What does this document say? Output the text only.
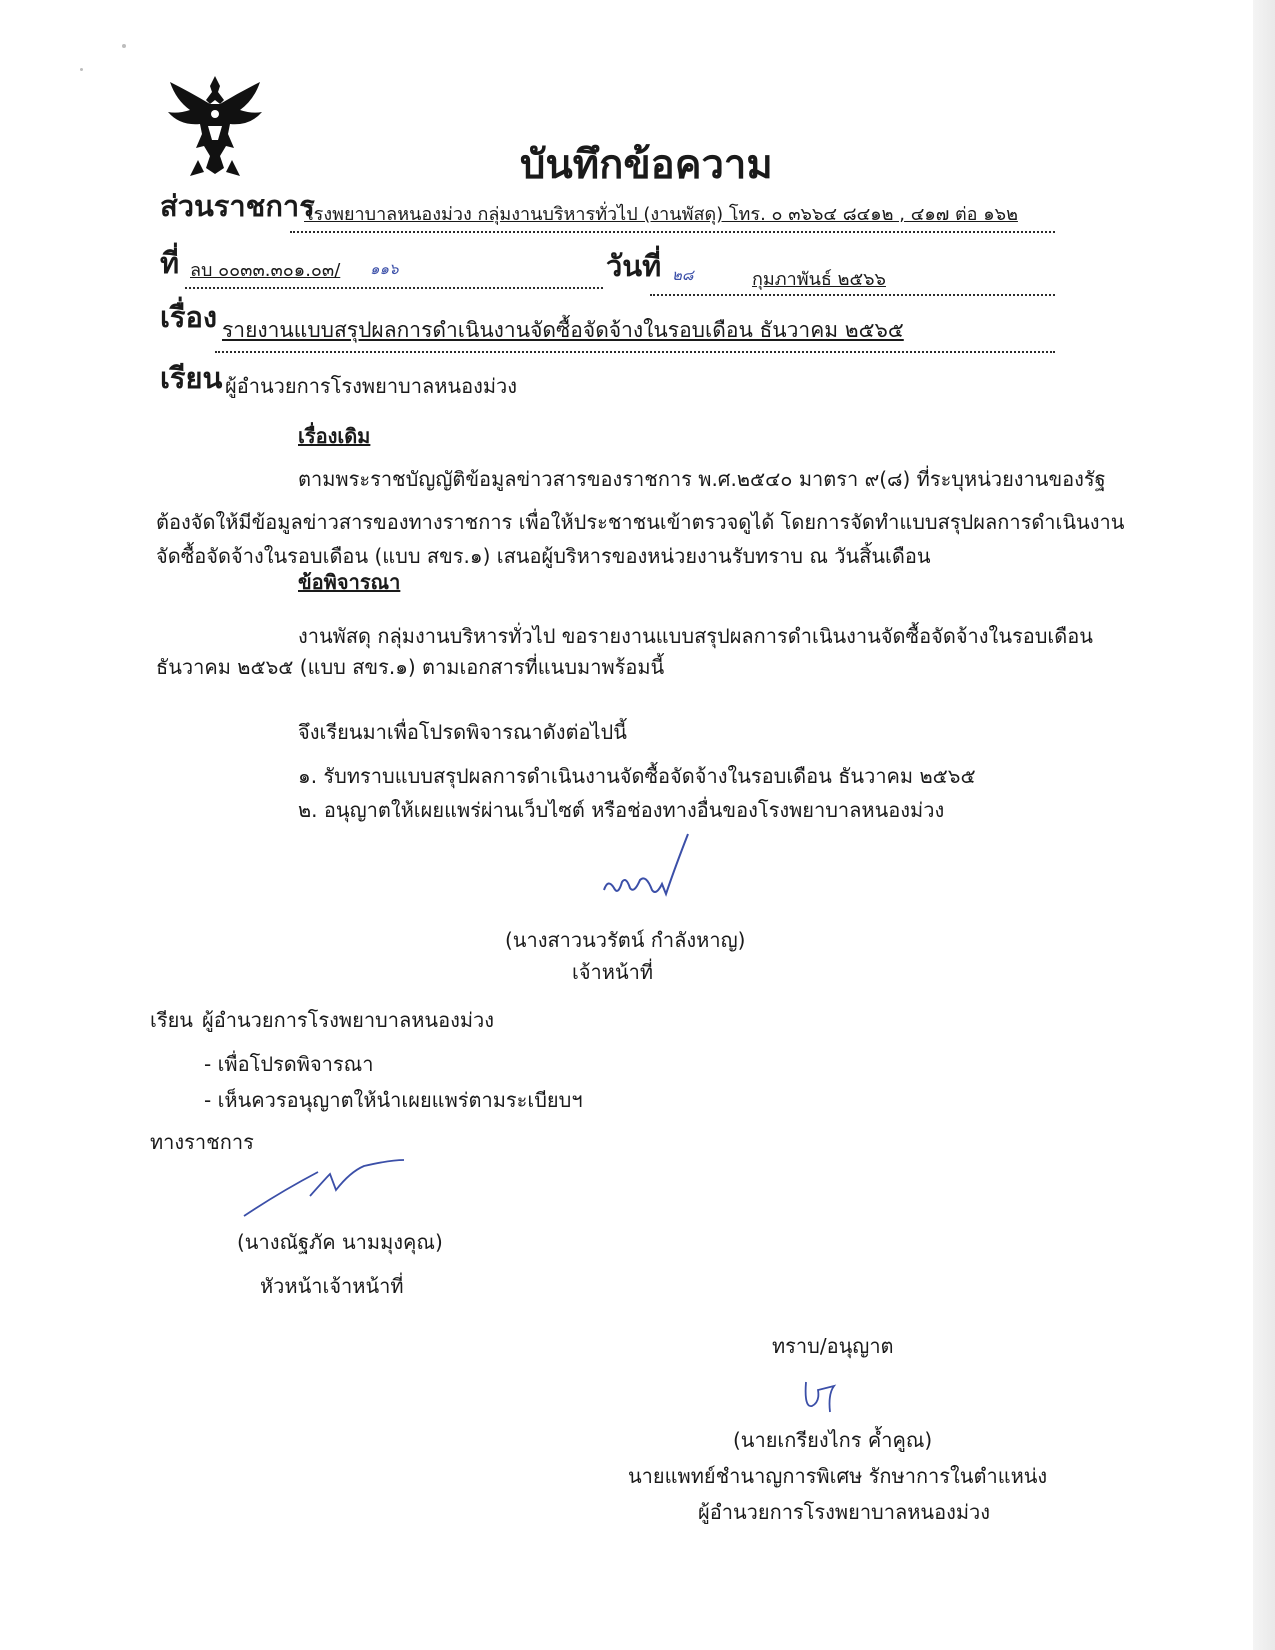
บันทึกข้อความ
ส่วนราชการ
โรงพยาบาลหนองม่วง กลุ่มงานบริหารทั่วไป (งานพัสดุ) โทร. ๐ ๓๖๖๔ ๘๔๑๒ , ๔๑๗ ต่อ ๑๖๒
ที่ ลบ ๐๐๓๓.๓๐๑.๐๓/ ๑๑๖	วันที่ ๒๘	กุมภาพันธ์ ๒๕๖๖
เรื่อง รายงานแบบสรุปผลการดำเนินงานจัดซื้อจัดจ้างในรอบเดือน ธันวาคม ๒๕๖๕
เรียน ผู้อำนวยการโรงพยาบาลหนองม่วง
เรื่องเดิม
ตามพระราชบัญญัติข้อมูลข่าวสารของราชการ พ.ศ.๒๕๔๐ มาตรา ๙(๘) ที่ระบุหน่วยงานของรัฐ
ต้องจัดให้มีข้อมูลข่าวสารของทางราชการ เพื่อให้ประชาชนเข้าตรวจดูได้ โดยการจัดทำแบบสรุปผลการดำเนินงาน
จัดซื้อจัดจ้างในรอบเดือน (แบบ สขร.๑) เสนอผู้บริหารของหน่วยงานรับทราบ ณ วันสิ้นเดือน
ข้อพิจารณา
งานพัสดุ กลุ่มงานบริหารทั่วไป ขอรายงานแบบสรุปผลการดำเนินงานจัดซื้อจัดจ้างในรอบเดือน
ธันวาคม ๒๕๖๕ (แบบ สขร.๑) ตามเอกสารที่แนบมาพร้อมนี้
จึงเรียนมาเพื่อโปรดพิจารณาดังต่อไปนี้
๑. รับทราบแบบสรุปผลการดำเนินงานจัดซื้อจัดจ้างในรอบเดือน ธันวาคม ๒๕๖๕
๒. อนุญาตให้เผยแพร่ผ่านเว็บไซต์ หรือช่องทางอื่นของโรงพยาบาลหนองม่วง
(นางสาวนวรัตน์ กำลังหาญ)
เจ้าหน้าที่
เรียน ผู้อำนวยการโรงพยาบาลหนองม่วง
- เพื่อโปรดพิจารณา
- เห็นควรอนุญาตให้นำเผยแพร่ตามระเบียบฯ
ทางราชการ
(นางณัฐภัค นามมุงคุณ)
หัวหน้าเจ้าหน้าที่
ทราบ/อนุญาต
(นายเกรียงไกร ค้ำคูณ)
นายแพทย์ชำนาญการพิเศษ รักษาการในตำแหน่ง
ผู้อำนวยการโรงพยาบาลหนองม่วง
